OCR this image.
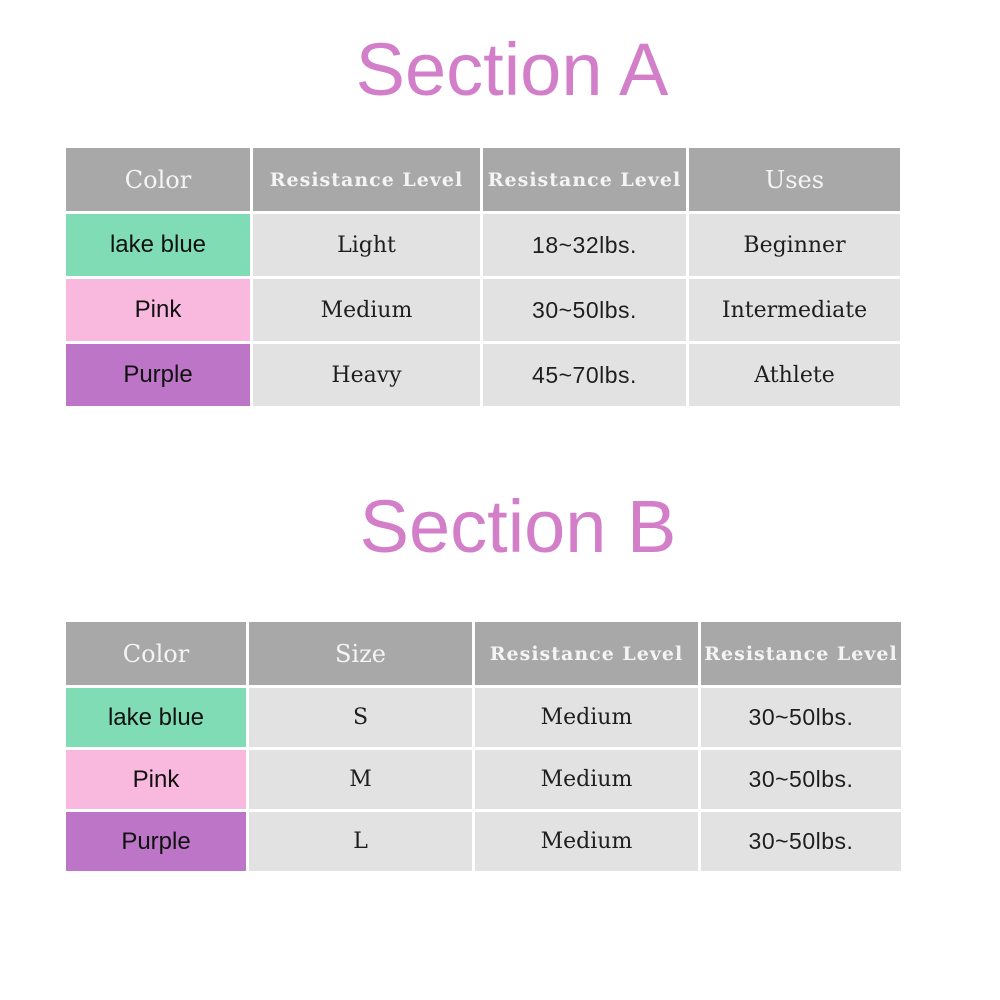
Section A
Color	Resistance Level	Resistance Level	Uses
lake blue	Light	18~32lbs.	Beginner
Pink	Medium	30~50lbs.	Intermediate
Purple	Heavy	45~70lbs.	Athlete
Section B
Color	Size	Resistance Level	Resistance Level
lake blue	S	Medium	30~50lbs.
Pink	M	Medium	30~50lbs.
Purple	L	Medium	30~50lbs.
